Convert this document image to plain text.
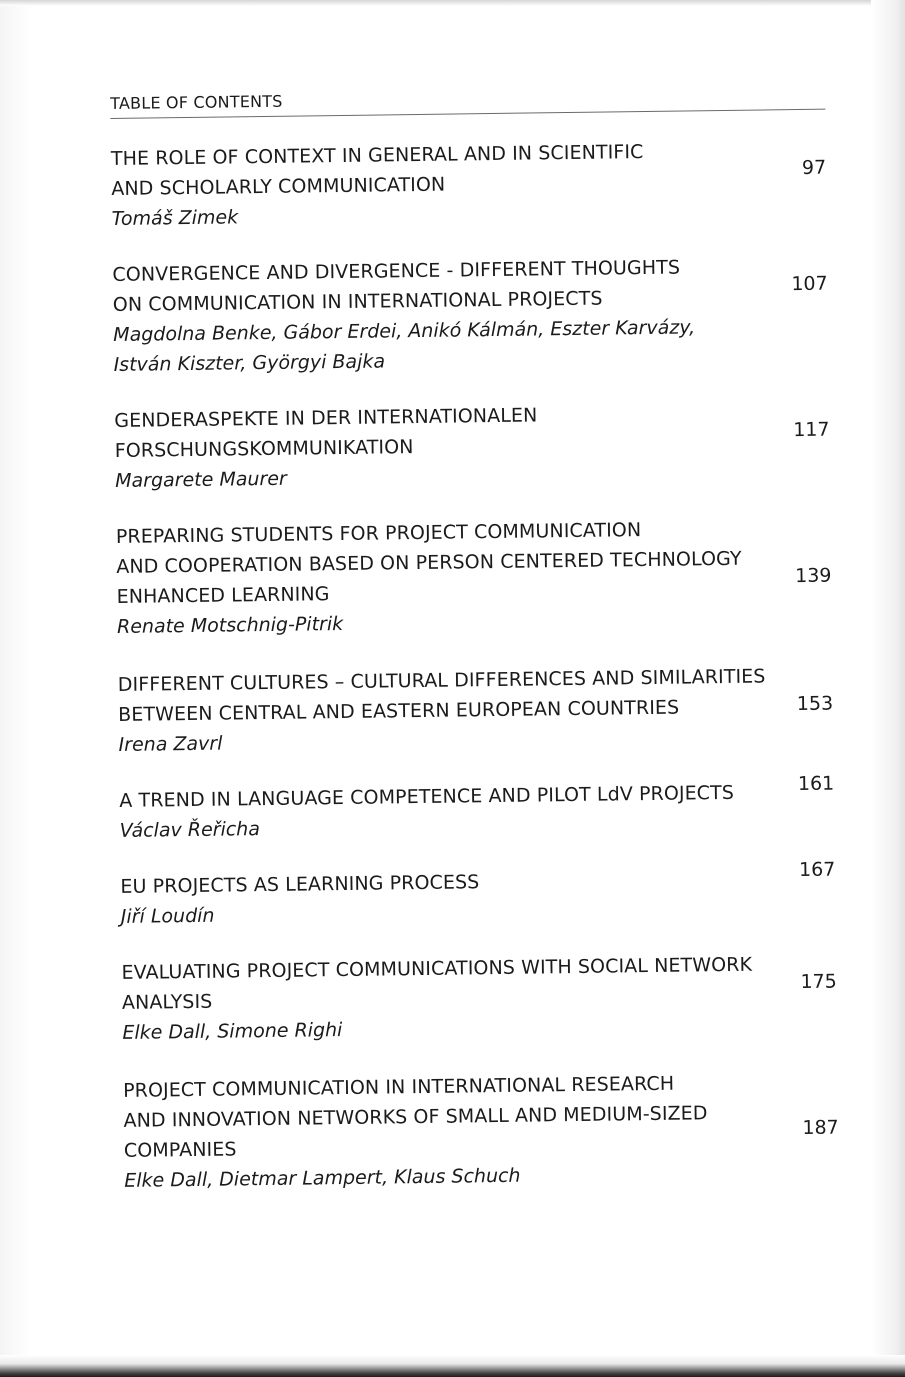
TABLE OF CONTENTS
THE ROLE OF CONTEXT IN GENERAL AND IN SCIENTIFIC
AND SCHOLARLY COMMUNICATION
Tomáš Zimek
97
CONVERGENCE AND DIVERGENCE - DIFFERENT THOUGHTS
ON COMMUNICATION IN INTERNATIONAL PROJECTS
Magdolna Benke, Gábor Erdei, Anikó Kálmán, Eszter Karvázy,
István Kiszter, Györgyi Bajka
107
GENDERASPEKTE IN DER INTERNATIONALEN
FORSCHUNGSKOMMUNIKATION
Margarete Maurer
117
PREPARING STUDENTS FOR PROJECT COMMUNICATION
AND COOPERATION BASED ON PERSON CENTERED TECHNOLOGY
ENHANCED LEARNING
Renate Motschnig-Pitrik
139
DIFFERENT CULTURES – CULTURAL DIFFERENCES AND SIMILARITIES
BETWEEN CENTRAL AND EASTERN EUROPEAN COUNTRIES
Irena Zavrl
153
A TREND IN LANGUAGE COMPETENCE AND PILOT LdV PROJECTS
Václav Řeřicha
161
EU PROJECTS AS LEARNING PROCESS
Jiří Loudín
167
EVALUATING PROJECT COMMUNICATIONS WITH SOCIAL NETWORK
ANALYSIS
Elke Dall, Simone Righi
175
PROJECT COMMUNICATION IN INTERNATIONAL RESEARCH
AND INNOVATION NETWORKS OF SMALL AND MEDIUM-SIZED
COMPANIES
Elke Dall, Dietmar Lampert, Klaus Schuch
187
